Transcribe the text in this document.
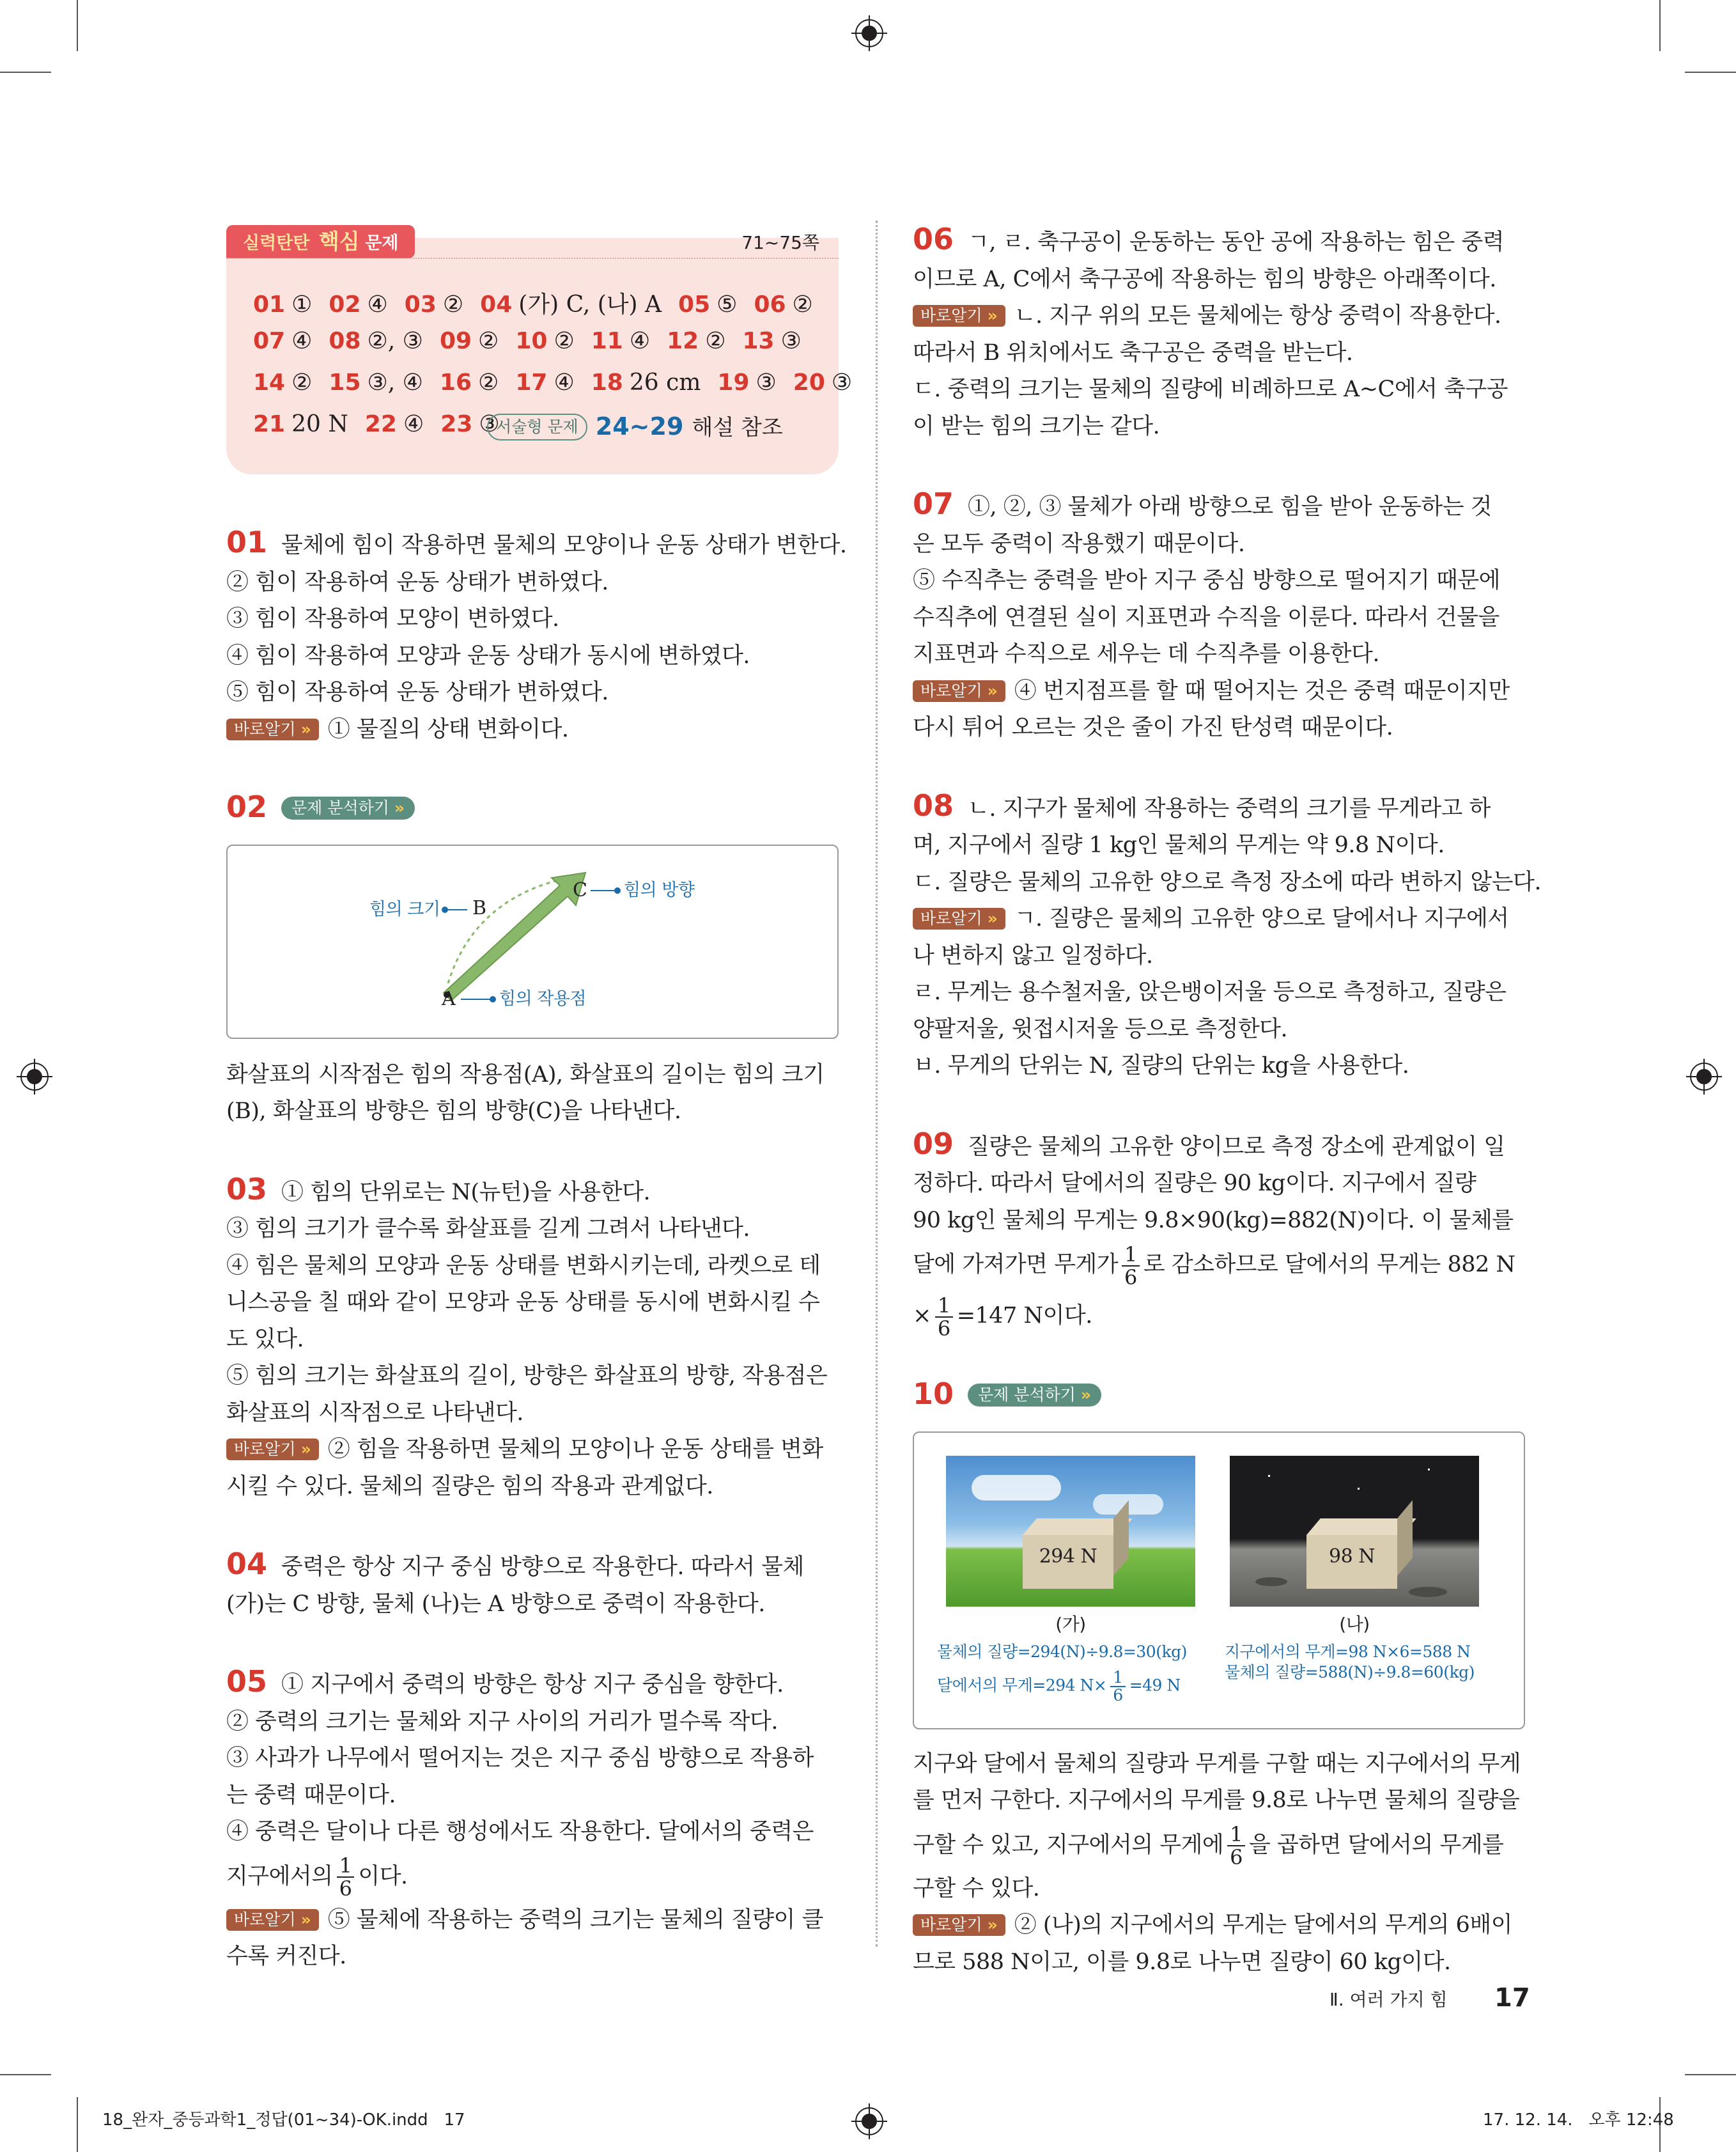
실력탄탄 핵심 문제	71~75쪽
01 ① 02 ④ 03 ② 04 (가) C, (나) A 05 ⑤ 06 ②
07 ④ 08 ②, ③ 09 ② 10 ② 11 ④ 12 ② 13 ③
14 ② 15 ③, ④ 16 ② 17 ④ 18 26 cm 19 ③ 20 ③
21 20 N 22 ④ 23 ③
서술형 문제 24~29 해설 참조

01 물체에 힘이 작용하면 물체의 모양이나 운동 상태가 변한다.

② 힘이 작용하여 운동 상태가 변하였다.

③ 힘이 작용하여 모양이 변하였다.

④ 힘이 작용하여 모양과 운동 상태가 동시에 변하였다.

⑤ 힘이 작용하여 운동 상태가 변하였다.

바로알기 » ① 물질의 상태 변화이다.

02 문제 분석하기 »

B
C
A
힘의 크기
힘의 방향
힘의 작용점

화살표의 시작점은 힘의 작용점(A), 화살표의 길이는 힘의 크기

(B), 화살표의 방향은 힘의 방향(C)을 나타낸다.

03 ① 힘의 단위로는 N(뉴턴)을 사용한다.

③ 힘의 크기가 클수록 화살표를 길게 그려서 나타낸다.

④ 힘은 물체의 모양과 운동 상태를 변화시키는데, 라켓으로 테

니스공을 칠 때와 같이 모양과 운동 상태를 동시에 변화시킬 수

도 있다.

⑤ 힘의 크기는 화살표의 길이, 방향은 화살표의 방향, 작용점은

화살표의 시작점으로 나타낸다.

바로알기 » ② 힘을 작용하면 물체의 모양이나 운동 상태를 변화

시킬 수 있다. 물체의 질량은 힘의 작용과 관계없다.

04 중력은 항상 지구 중심 방향으로 작용한다. 따라서 물체

(가)는 C 방향, 물체 (나)는 A 방향으로 중력이 작용한다.

05 ① 지구에서 중력의 방향은 항상 지구 중심을 향한다.

② 중력의 크기는 물체와 지구 사이의 거리가 멀수록 작다.

③ 사과가 나무에서 떨어지는 것은 지구 중심 방향으로 작용하

는 중력 때문이다.

④ 중력은 달이나 다른 행성에서도 작용한다. 달에서의 중력은

지구에서의 $\frac{1}{6}$ 이다.

바로알기 » ⑤ 물체에 작용하는 중력의 크기는 물체의 질량이 클

수록 커진다.

06 ㄱ, ㄹ. 축구공이 운동하는 동안 공에 작용하는 힘은 중력

이므로 A, C에서 축구공에 작용하는 힘의 방향은 아래쪽이다.

바로알기 » ㄴ. 지구 위의 모든 물체에는 항상 중력이 작용한다.

따라서 B 위치에서도 축구공은 중력을 받는다.

ㄷ. 중력의 크기는 물체의 질량에 비례하므로 A~C에서 축구공

이 받는 힘의 크기는 같다.

07 ①, ②, ③ 물체가 아래 방향으로 힘을 받아 운동하는 것

은 모두 중력이 작용했기 때문이다.

⑤ 수직추는 중력을 받아 지구 중심 방향으로 떨어지기 때문에

수직추에 연결된 실이 지표면과 수직을 이룬다. 따라서 건물을

지표면과 수직으로 세우는 데 수직추를 이용한다.

바로알기 » ④ 번지점프를 할 때 떨어지는 것은 중력 때문이지만

다시 튀어 오르는 것은 줄이 가진 탄성력 때문이다.

08 ㄴ. 지구가 물체에 작용하는 중력의 크기를 무게라고 하

며, 지구에서 질량 1 kg인 물체의 무게는 약 9.8 N이다.

ㄷ. 질량은 물체의 고유한 양으로 측정 장소에 따라 변하지 않는다.

바로알기 » ㄱ. 질량은 물체의 고유한 양으로 달에서나 지구에서

나 변하지 않고 일정하다.

ㄹ. 무게는 용수철저울, 앉은뱅이저울 등으로 측정하고, 질량은

양팔저울, 윗접시저울 등으로 측정한다.

ㅂ. 무게의 단위는 N, 질량의 단위는 kg을 사용한다.

09 질량은 물체의 고유한 양이므로 측정 장소에 관계없이 일

정하다. 따라서 달에서의 질량은 90 kg이다. 지구에서 질량

90 kg인 물체의 무게는 9.8×90(kg)=882(N)이다. 이 물체를

달에 가져가면 무게가 $\frac{1}{6}$ 로 감소하므로 달에서의 무게는 882 N

× $\frac{1}{6} =147$ N이다.

10 문제 분석하기 »

294 N	98 N
(가)	(나)
물체의 질량=294(N)÷9.8=30(kg)
달에서의 무게=294 $N\times \frac{1}{6} =49$ N
지구에서의 무게=98 N×6=588 N
물체의 질량=588(N)÷9.8=60(kg)

지구와 달에서 물체의 질량과 무게를 구할 때는 지구에서의 무게

를 먼저 구한다. 지구에서의 무게를 9.8로 나누면 물체의 질량을

구할 수 있고, 지구에서의 무게에 $\frac{1}{6}$ 을 곱하면 달에서의 무게를

구할 수 있다.

바로알기 » ② (나)의 지구에서의 무게는 달에서의 무게의 6배이

므로 588 N이고, 이를 9.8로 나누면 질량이 60 kg이다.

Ⅱ. 여러 가지 힘 17
18_완자_중등과학1_정답(01~34)-OK.indd   17	17. 12. 14.   오후 12:48
